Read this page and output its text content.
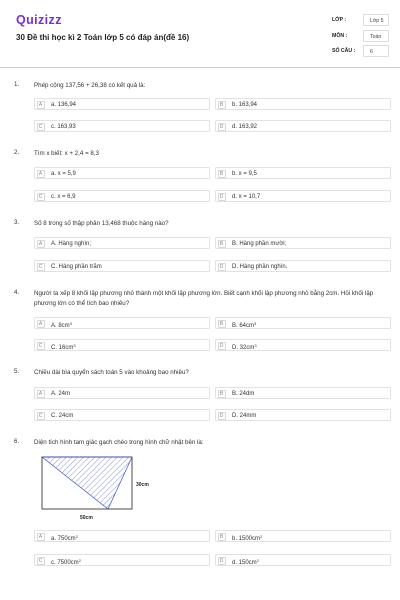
Quizizz
30 Đề thi học kì 2 Toán lớp 5 có đáp án(đề 16)
LỚP :	Lớp 5
MÔN :	Toán
SỐ CÂU :	6
1. Phép cộng 137,56 + 26,38 có kết quả là:
A	a. 136,94	B	b. 163,94
C	c. 163,93	D	d. 163,92
2. Tìm x biết: x + 2,4 = 8,3
A	a. x = 5,9	B	b. x = 9,5
C	c. x = 6,9	D	d. x = 10,7
3. Số 8 trong số thập phân 13,468 thuộc hàng nào?
A	A. Hàng nghìn;	B	B. Hàng phần mười;
C	C. Hàng phần trăm	D	D. Hàng phần nghìn.
4. Người ta xếp 8 khối lập phương nhỏ thành một khối lập phương lớn. Biết cạnh khối lập phương nhỏ bằng 2cm. Hỏi khối lập phương lớn có thể tích bao nhiêu?
A	A. $8cm^3$	B	B. $64cm^3$
C	C. $16cm^3$	D	D. $32cm^3$
5. Chiều dài bìa quyển sách toán 5 vào khoảng bao nhiêu?
A	A. 24m	B	B. 24dm
C	C. 24cm	D	D. 24mm
6. Diện tích hình tam giác gạch chéo trong hình chữ nhật bên là:
30cm
50cm
A	a. $750cm^2$	B	b. $1500cm^2$
C	c. $7500cm^2$	D	d. $150cm^2$
